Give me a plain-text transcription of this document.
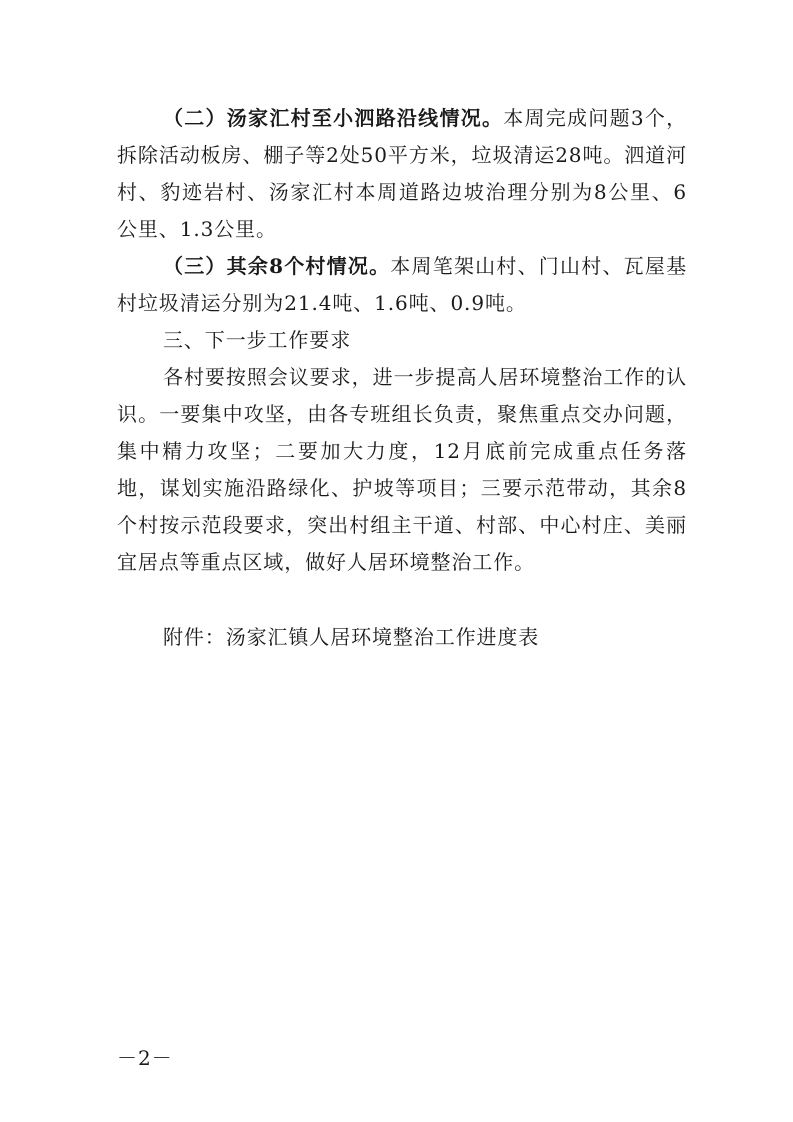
（二）汤家汇村至小泗路沿线情况。本周完成问题3个，拆除活动板房、棚子等2处50平方米，垃圾清运28吨。泗道河村、豹迹岩村、汤家汇村本周道路边坡治理分别为8公里、6公里、1.3公里。

（三）其余8个村情况。本周笔架山村、门山村、瓦屋基村垃圾清运分别为21.4吨、1.6吨、0.9吨。

三、下一步工作要求

各村要按照会议要求，进一步提高人居环境整治工作的认识。一要集中攻坚，由各专班组长负责，聚焦重点交办问题，集中精力攻坚；二要加大力度，12月底前完成重点任务落地，谋划实施沿路绿化、护坡等项目；三要示范带动，其余8个村按示范段要求，突出村组主干道、村部、中心村庄、美丽宜居点等重点区域，做好人居环境整治工作。

附件：汤家汇镇人居环境整治工作进度表

－2－
